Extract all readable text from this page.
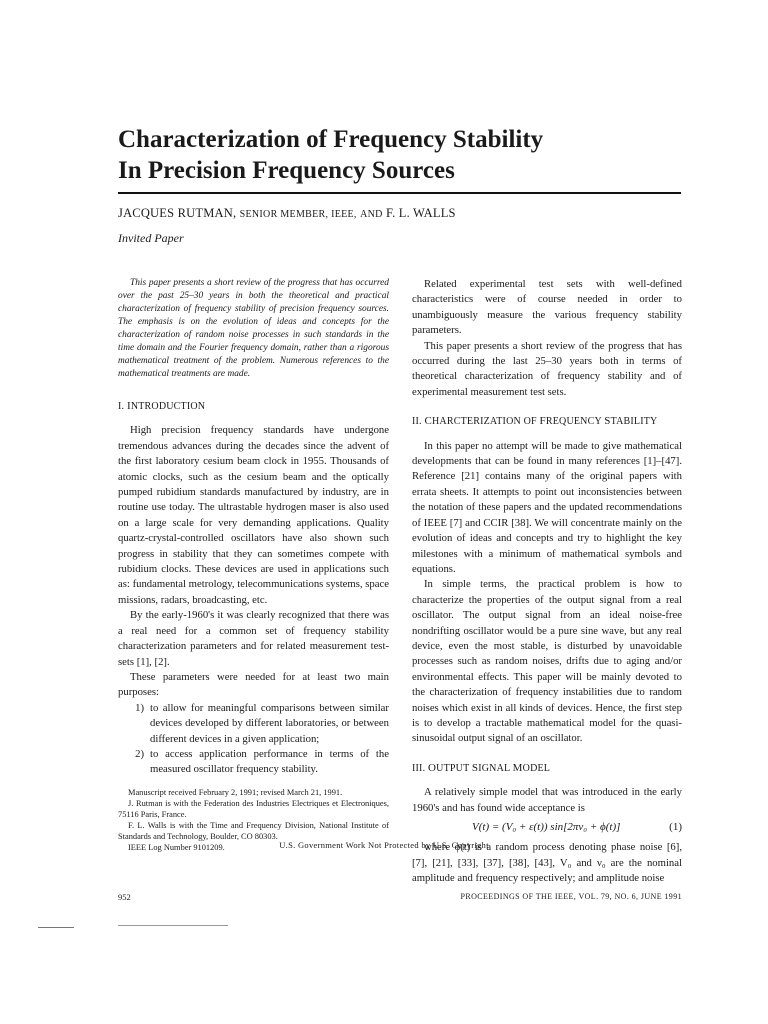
Characterization of Frequency Stability
In Precision Frequency Sources
JACQUES RUTMAN, SENIOR MEMBER, IEEE, AND F. L. WALLS
Invited Paper

This paper presents a short review of the progress that has occurred over the past 25–30 years in both the theoretical and practical characterization of frequency stability of precision frequency sources. The emphasis is on the evolution of ideas and concepts for the characterization of random noise processes in such standards in the time domain and the Fourier frequency domain, rather than a rigorous mathematical treatment of the problem. Numerous references to the mathematical treatments are made.

I. INTRODUCTION

High precision frequency standards have undergone tremendous advances during the decades since the advent of the first laboratory cesium beam clock in 1955. Thousands of atomic clocks, such as the cesium beam and the optically pumped rubidium standards manufactured by industry, are in routine use today. The ultrastable hydrogen maser is also used on a large scale for very demanding applications. Quality quartz-crystal-controlled oscillators have also shown such progress in stability that they can sometimes compete with rubidium clocks. These devices are used in applications such as: fundamental metrology, telecommunications systems, space missions, radars, broadcasting, etc.

By the early-1960's it was clearly recognized that there was a real need for a common set of frequency stability characterization parameters and for related measurement test-sets [1], [2].

These parameters were needed for at least two main purposes:

1) to allow for meaningful comparisons between similar devices developed by different laboratories, or between different devices in a given application;
2) to access application performance in terms of the measured oscillator frequency stability.

Manuscript received February 2, 1991; revised March 21, 1991.

J. Rutman is with the Federation des Industries Electriques et Electroniques, 75116 Paris, France.

F. L. Walls is with the Time and Frequency Division, National Institute of Standards and Technology, Boulder, CO 80303.

IEEE Log Number 9101209.

Related experimental test sets with well-defined characteristics were of course needed in order to unambiguously measure the various frequency stability parameters.

This paper presents a short review of the progress that has occurred during the last 25–30 years both in terms of theoretical characterization of frequency stability and of experimental measurement test sets.

II. CHARCTERIZATION OF FREQUENCY STABILITY

In this paper no attempt will be made to give mathematical developments that can be found in many references [1]–[47]. Reference [21] contains many of the original papers with errata sheets. It attempts to point out inconsistencies between the notation of these papers and the updated recommendations of IEEE [7] and CCIR [38]. We will concentrate mainly on the evolution of ideas and concepts and try to highlight the key milestones with a minimum of mathematical symbols and equations.

In simple terms, the practical problem is how to characterize the properties of the output signal from a real oscillator. The output signal from an ideal noise-free nondrifting oscillator would be a pure sine wave, but any real device, even the most stable, is disturbed by unavoidable processes such as random noises, drifts due to aging and/or environmental effects. This paper will be mainly devoted to the characterization of frequency instabilities due to random noises which exist in all kinds of devices. Hence, the first step is to develop a tractable mathematical model for the quasi-sinusoidal output signal of an oscillator.

III. OUTPUT SIGNAL MODEL

A relatively simple model that was introduced in the early 1960's and has found wide acceptance is

V(t) = (V₀ + ε(t)) sin[2πν₀ + ϕ(t)]	(1)

where ϕ(t) is a random process denoting phase noise [6], [7], [21], [33], [37], [38], [43], V₀ and ν₀ are the nominal amplitude and frequency respectively; and amplitude noise

U.S. Government Work Not Protected by U.S. Copyright
952	PROCEEDINGS OF THE IEEE, VOL. 79, NO. 6, JUNE 1991
